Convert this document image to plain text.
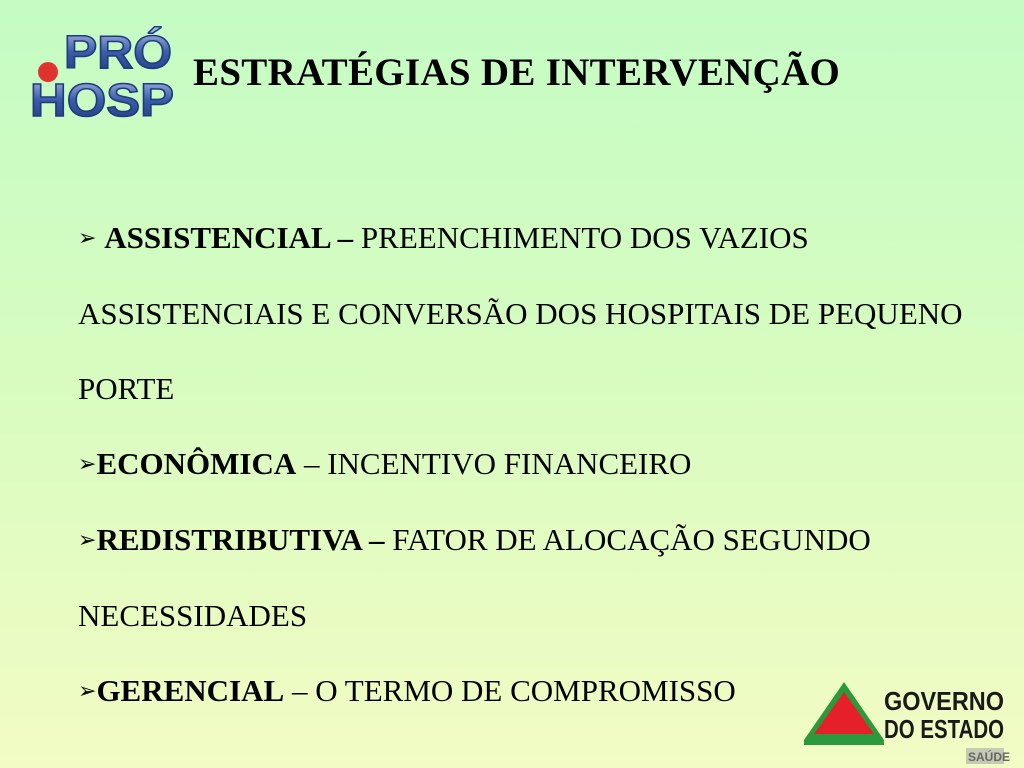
PRÓ
HOSP
ESTRATÉGIAS DE INTERVENÇÃO
➢ ASSISTENCIAL – PREENCHIMENTO DOS VAZIOS ASSISTENCIAIS E CONVERSÃO DOS HOSPITAIS DE PEQUENO PORTE
➢ECONÔMICA – INCENTIVO FINANCEIRO
➢REDISTRIBUTIVA – FATOR DE ALOCAÇÃO SEGUNDO NECESSIDADES
➢GERENCIAL – O TERMO DE COMPROMISSO	GOVERNO
DO ESTADO
SAÚDE
